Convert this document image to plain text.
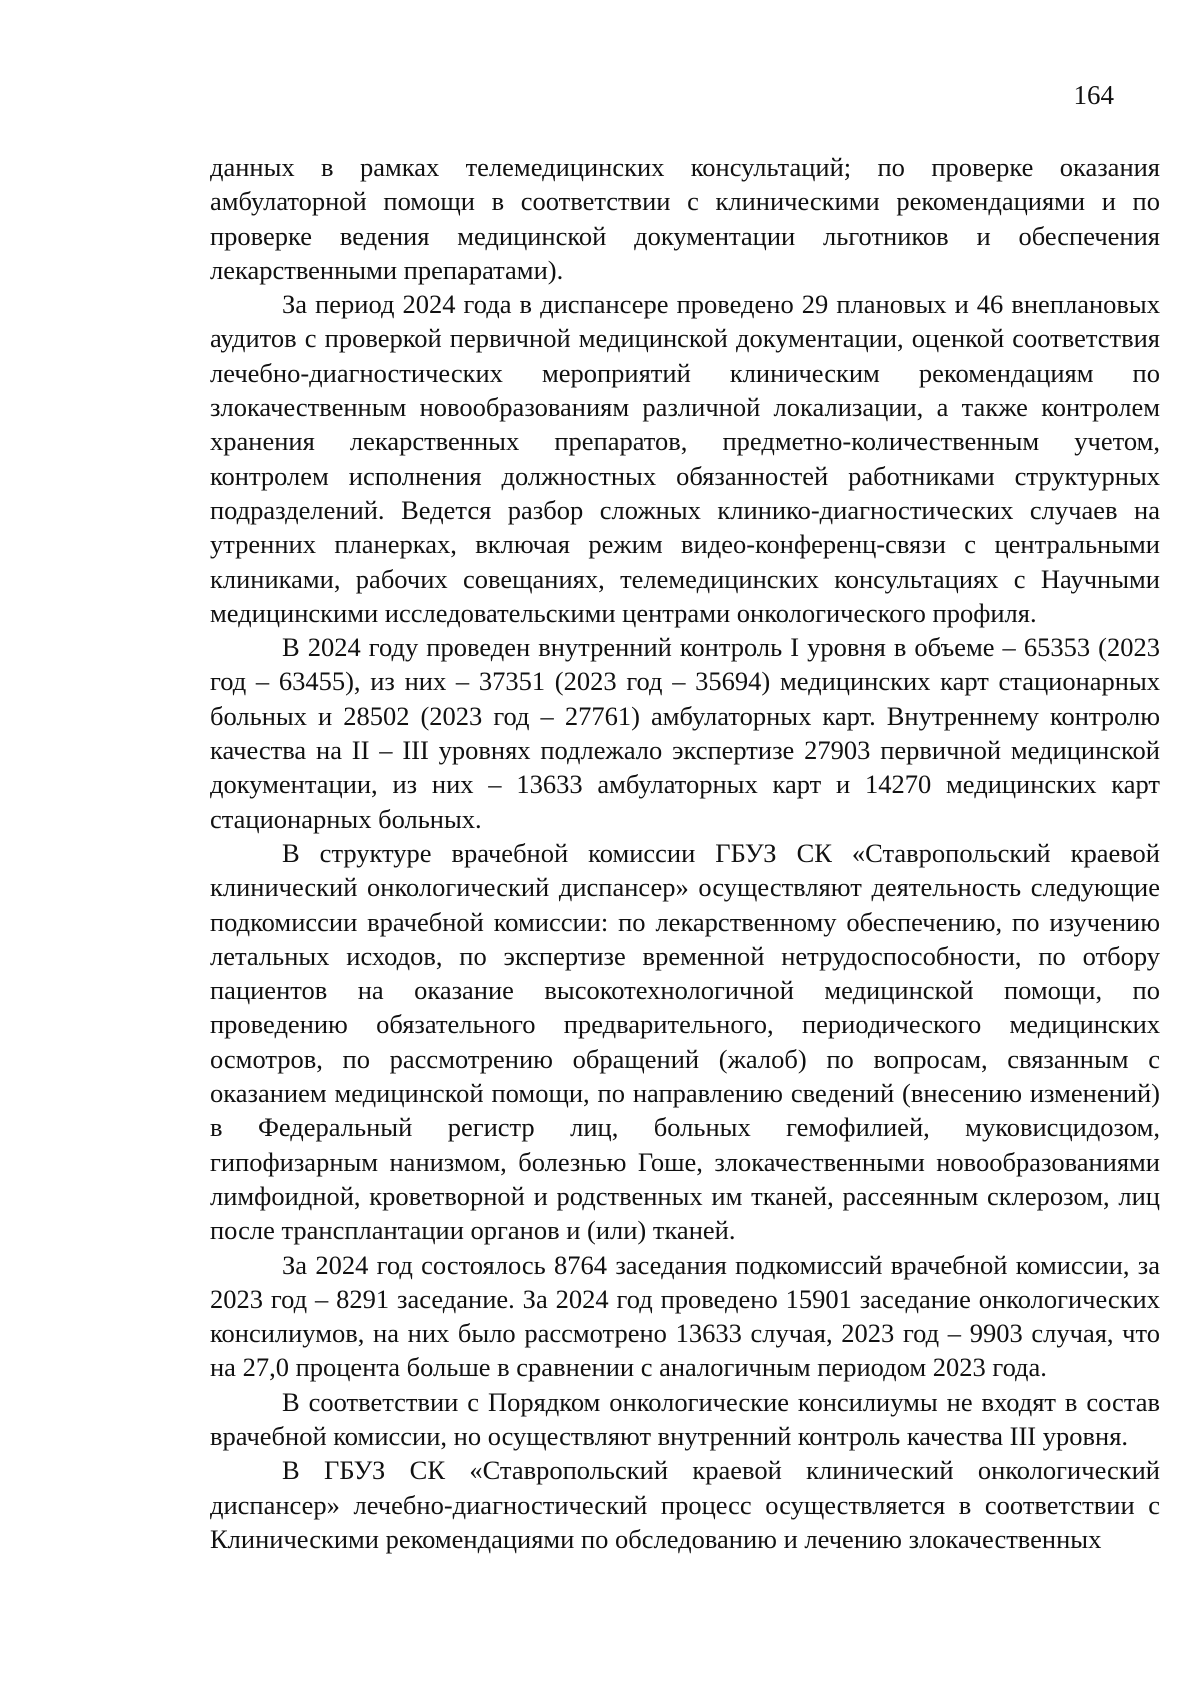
164

данных в рамках телемедицинских консультаций; по проверке оказания амбулаторной помощи в соответствии с клиническими рекомендациями и по проверке ведения медицинской документации льготников и обеспечения лекарственными препаратами).

За период 2024 года в диспансере проведено 29 плановых и 46 внеплановых аудитов с проверкой первичной медицинской документации, оценкой соответствия лечебно-диагностических мероприятий клиническим рекомендациям по злокачественным новообразованиям различной локализации, а также контролем хранения лекарственных препаратов, предметно-количественным учетом, контролем исполнения должностных обязанностей работниками структурных подразделений. Ведется разбор сложных клинико-диагностических случаев на утренних планерках, включая режим видео-конференц-связи с центральными клиниками, рабочих совещаниях, телемедицинских консультациях с Научными медицинскими исследовательскими центрами онкологического профиля.

В 2024 году проведен внутренний контроль I уровня в объеме – 65353 (2023 год – 63455), из них – 37351 (2023 год – 35694) медицинских карт стационарных больных и 28502 (2023 год – 27761) амбулаторных карт. Внутреннему контролю качества на II – III уровнях подлежало экспертизе 27903 первичной медицинской документации, из них – 13633 амбулаторных карт и 14270 медицинских карт стационарных больных.

В структуре врачебной комиссии ГБУЗ СК «Ставропольский краевой клинический онкологический диспансер» осуществляют деятельность следующие подкомиссии врачебной комиссии: по лекарственному обеспечению, по изучению летальных исходов, по экспертизе временной нетрудоспособности, по отбору пациентов на оказание высокотехнологичной медицинской помощи, по проведению обязательного предварительного, периодического медицинских осмотров, по рассмотрению обращений (жалоб) по вопросам, связанным с оказанием медицинской помощи, по направлению сведений (внесению изменений) в Федеральный регистр лиц, больных гемофилией, муковисцидозом, гипофизарным нанизмом, болезнью Гоше, злокачественными новообразованиями лимфоидной, кроветворной и родственных им тканей, рассеянным склерозом, лиц после трансплантации органов и (или) тканей.

За 2024 год состоялось 8764 заседания подкомиссий врачебной комиссии, за 2023 год – 8291 заседание. За 2024 год проведено 15901 заседание онкологических консилиумов, на них было рассмотрено 13633 случая, 2023 год – 9903 случая, что на 27,0 процента больше в сравнении с аналогичным периодом 2023 года.

В соответствии с Порядком онкологические консилиумы не входят в состав врачебной комиссии, но осуществляют внутренний контроль качества III уровня.

В ГБУЗ СК «Ставропольский краевой клинический онкологический диспансер» лечебно-диагностический процесс осуществляется в соответствии с Клиническими рекомендациями по обследованию и лечению злокачественных
